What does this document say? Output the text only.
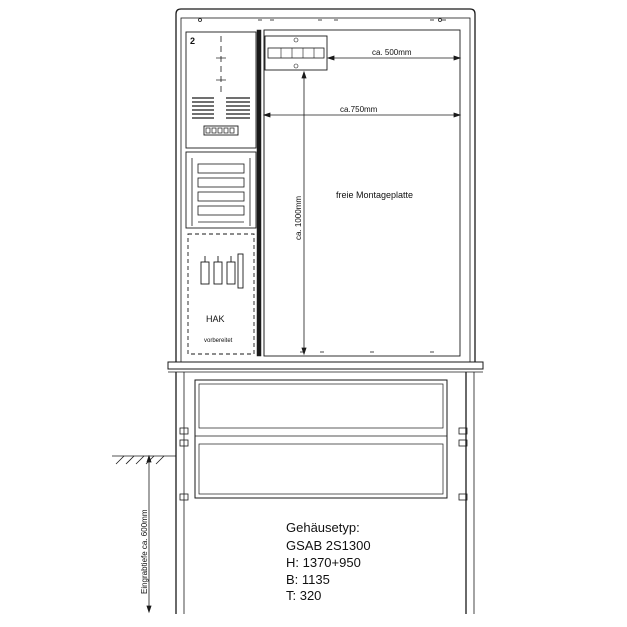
2
HAK
vorbereitet
ca. 500mm
ca.750mm
ca. 1000mm
Eingrabtiefe ca. 600mm
freie Montageplatte
Gehäusetyp:
GSAB 2S1300
H: 1370+950
B: 1135
T: 320
